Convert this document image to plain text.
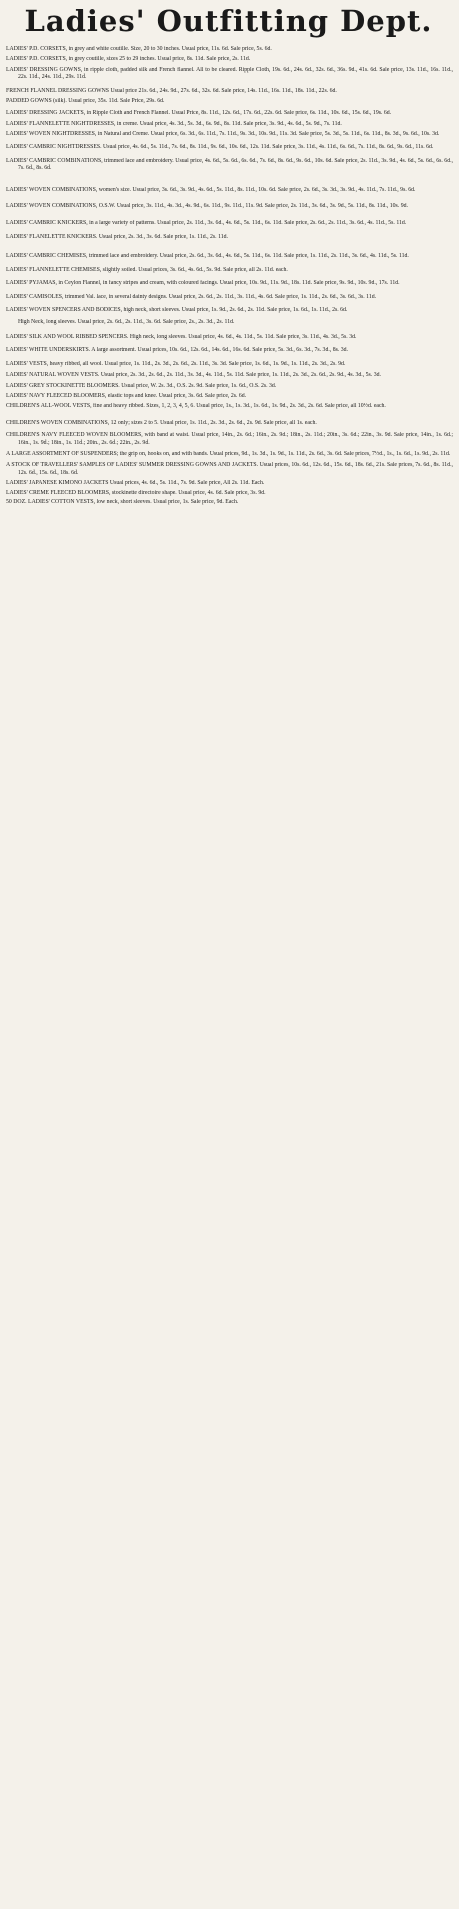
Ladies' Outfitting Dept.

LADIES' P.D. CORSETS, in grey and white coutille. Size, 20 to 30 inches. Usual price, 11s. 6d. Sale price, 5s. 6d.

LADIES' P.D. CORSETS, in grey coutille, sizes 25 to 29 inches. Usual price, 8s. 11d. Sale price, 2s. 11d.

LADIES' DRESSING GOWNS, in ripple cloth, padded silk and French flannel. All to be cleared. Ripple Cloth, 19s. 6d., 24s. 6d., 32s. 6d., 36s. 9d., 41s. 6d. Sale price, 13s. 11d., 16s. 11d., 22s. 11d., 24s. 11d., 29s. 11d.

FRENCH FLANNEL DRESSING GOWNS Usual price 21s. 6d., 24s. 9d., 27s. 6d., 32s. 6d. Sale price, 14s. 11d., 16s. 11d., 18s. 11d., 22s. 6d.

PADDED GOWNS (silk). Usual price, 35s. 11d. Sale Price, 29s. 6d.

LADIES' DRESSING JACKETS, in Ripple Cloth and French Flannel. Usual Price, 8s. 11d., 12s. 6d., 17s. 6d., 22s. 6d. Sale price, 6s. 11d., 10s. 6d., 15s. 6d., 19s. 6d.

LADIES' FLANNELETTE NIGHTDRESSES, in creme. Usual price, 4s. 3d., 5s. 3d., 6s. 9d., 8s. 11d. Sale price, 3s. 9d., 4s. 6d., 5s. 9d., 7s. 11d.

LADIES' WOVEN NIGHTDRESSES, in Natural and Creme. Usual price, 6s. 3d., 6s. 11d., 7s. 11d., 9s. 3d., 10s. 9d., 11s. 3d. Sale price, 5s. 3d., 5s. 11d., 6s. 11d., 8s. 3d., 9s. 6d., 10s. 3d.

LADIES' CAMBRIC NIGHTDRESSES. Usual price, 4s. 6d., 5s. 11d., 7s. 6d., 8s. 11d., 9s. 6d., 10s. 6d., 12s. 11d. Sale price, 3s. 11d., 4s. 11d., 6s. 6d., 7s. 11d., 8s. 6d., 9s. 6d., 11s. 6d.

LADIES' CAMBRIC COMBINATIONS, trimmed lace and embroidery. Usual price, 4s. 6d., 5s. 6d., 6s. 6d., 7s. 6d., 8s. 6d., 9s. 6d., 10s. 6d. Sale price, 2s. 11d., 3s. 9d., 4s. 6d., 5s. 6d., 6s. 6d., 7s. 6d., 8s. 6d.

LADIES' WOVEN COMBINATIONS, women's size. Usual price, 3s. 6d., 3s. 9d., 4s. 6d., 5s. 11d., 8s. 11d., 10s. 6d. Sale price, 2s. 6d., 3s. 3d., 3s. 9d., 4s. 11d., 7s. 11d., 9s. 6d.

LADIES' WOVEN COMBINATIONS, O.S.W. Usual price, 3s. 11d., 4s. 3d., 4s. 9d., 6s. 11d., 9s. 11d., 11s. 9d. Sale price, 2s. 11d., 3s. 6d., 3s. 9d., 5s. 11d., 8s. 11d., 10s. 9d.

LADIES' CAMBRIC KNICKERS, in a large variety of patterns. Usual price, 2s. 11d., 3s. 6d., 4s. 6d., 5s. 11d., 6s. 11d. Sale price, 2s. 6d., 2s. 11d., 3s. 6d., 4s. 11d., 5s. 11d.

LADIES' FLANELETTE KNICKERS. Usual price, 2s. 3d., 3s. 6d. Sale price, 1s. 11d., 2s. 11d.

LADIES' CAMBRIC CHEMISES, trimmed lace and embroidery. Usual price, 2s. 6d., 3s. 6d., 4s. 6d., 5s. 11d., 6s. 11d. Sale price, 1s. 11d., 2s. 11d., 3s. 6d., 4s. 11d., 5s. 11d.

LADIES' FLANNELETTE CHEMISES, slightly soiled. Usual prices, 3s. 6d., 4s. 6d., 5s. 9d. Sale price, all 2s. 11d. each.

LADIES' PYJAMAS, in Ceylon Flannel, in fancy stripes and cream, with coloured facings. Usual price, 10s. 9d., 11s. 9d., 18s. 11d. Sale price, 9s. 9d., 10s. 9d., 17s. 11d.

LADIES' CAMISOLES, trimmed Val. lace, in several dainty designs. Usual price, 2s. 6d., 2s. 11d., 3s. 11d., 4s. 6d. Sale price, 1s. 11d., 2s. 6d., 3s. 6d., 3s. 11d.

LADIES' WOVEN SPENCERS AND BODICES, high neck, short sleeves. Usual price, 1s. 9d., 2s. 6d., 2s. 11d. Sale price, 1s. 6d., 1s. 11d., 2s. 6d.

High Neck, long sleeves. Usual price, 2s. 6d., 2s. 11d., 3s. 6d. Sale price, 2s., 2s. 3d., 2s. 11d.

LADIES' SILK AND WOOL RIBBED SPENCERS. High neck, long sleeves. Usual price, 4s. 6d., 4s. 11d., 5s. 11d. Sale price, 3s. 11d., 4s. 3d., 5s. 3d.

LADIES' WHITE UNDERSKIRTS. A large assortment. Usual prices, 10s. 6d., 12s. 6d., 14s. 6d., 16s. 6d. Sale price, 5s. 3d., 6s. 3d., 7s. 3d., 8s. 3d.

LADIES' VESTS, heavy ribbed, all wool. Usual price, 1s. 11d., 2s. 3d., 2s. 6d., 2s. 11d., 3s. 3d. Sale price, 1s. 6d., 1s. 9d., 1s. 11d., 2s. 3d., 2s. 9d.

LADIES' NATURAL WOVEN VESTS. Usual price, 2s. 3d., 2s. 6d., 2s. 11d., 3s. 3d., 4s. 11d., 5s. 11d. Sale price, 1s. 11d., 2s. 3d., 2s. 6d., 2s. 9d., 4s. 3d., 5s. 3d.

LADIES' GREY STOCKINETTE BLOOMERS. Usual price, W. 2s. 3d., O.S. 2s. 9d. Sale price, 1s. 6d., O.S. 2s. 3d.

LADIES' NAVY FLEECED BLOOMERS, elastic tops and knee. Usual price, 3s. 6d. Sale price, 2s. 6d.

CHILDREN'S ALL-WOOL VESTS, fine and heavy ribbed. Sizes, 1, 2, 3, 4, 5, 6. Usual price, 1s., 1s. 3d., 1s. 6d., 1s. 9d., 2s. 3d., 2s. 6d. Sale price, all 10½d. each.

CHILDREN'S WOVEN COMBINATIONS, 12 only; sizes 2 to 5. Usual price, 1s. 11d., 2s. 3d., 2s. 6d., 2s. 9d. Sale price, all 1s. each.

CHILDREN'S NAVY FLEECED WOVEN BLOOMERS, with band at waist. Usual price, 14in., 2s. 6d.; 16in., 2s. 9d.; 18in., 2s. 11d.; 20in., 3s. 6d.; 22in., 3s. 9d. Sale price, 14in., 1s. 6d.; 16in., 1s. 9d.; 18in., 1s. 11d.; 20in., 2s. 6d.; 22in., 2s. 9d.

A LARGE ASSORTMENT OF SUSPENDERS; the grip on, hooks on, and with bands. Usual prices, 9d., 1s. 3d., 1s. 9d., 1s. 11d., 2s. 6d., 3s. 6d. Sale prices, 7½d., 1s., 1s. 6d., 1s. 9d., 2s. 11d.

A STOCK OF TRAVELLERS' SAMPLES OF LADIES' SUMMER DRESSING GOWNS AND JACKETS. Usual prices, 10s. 6d., 12s. 6d., 15s. 6d., 18s. 6d., 21s. Sale prices, 7s. 6d., 8s. 11d., 12s. 6d., 15s. 6d., 18s. 6d.

LADIES' JAPANESE KIMONO JACKETS Usual prices, 4s. 6d., 5s. 11d., 7s. 9d. Sale price, All 2s. 11d. Each.

LADIES' CREME FLEECED BLOOMERS, stockinette directoire shape. Usual price, 4s. 6d. Sale price, 3s. 9d.

50 DOZ. LADIES' COTTON VESTS, low neck, short sleeves. Usual price, 1s. Sale price, 9d. Each.
